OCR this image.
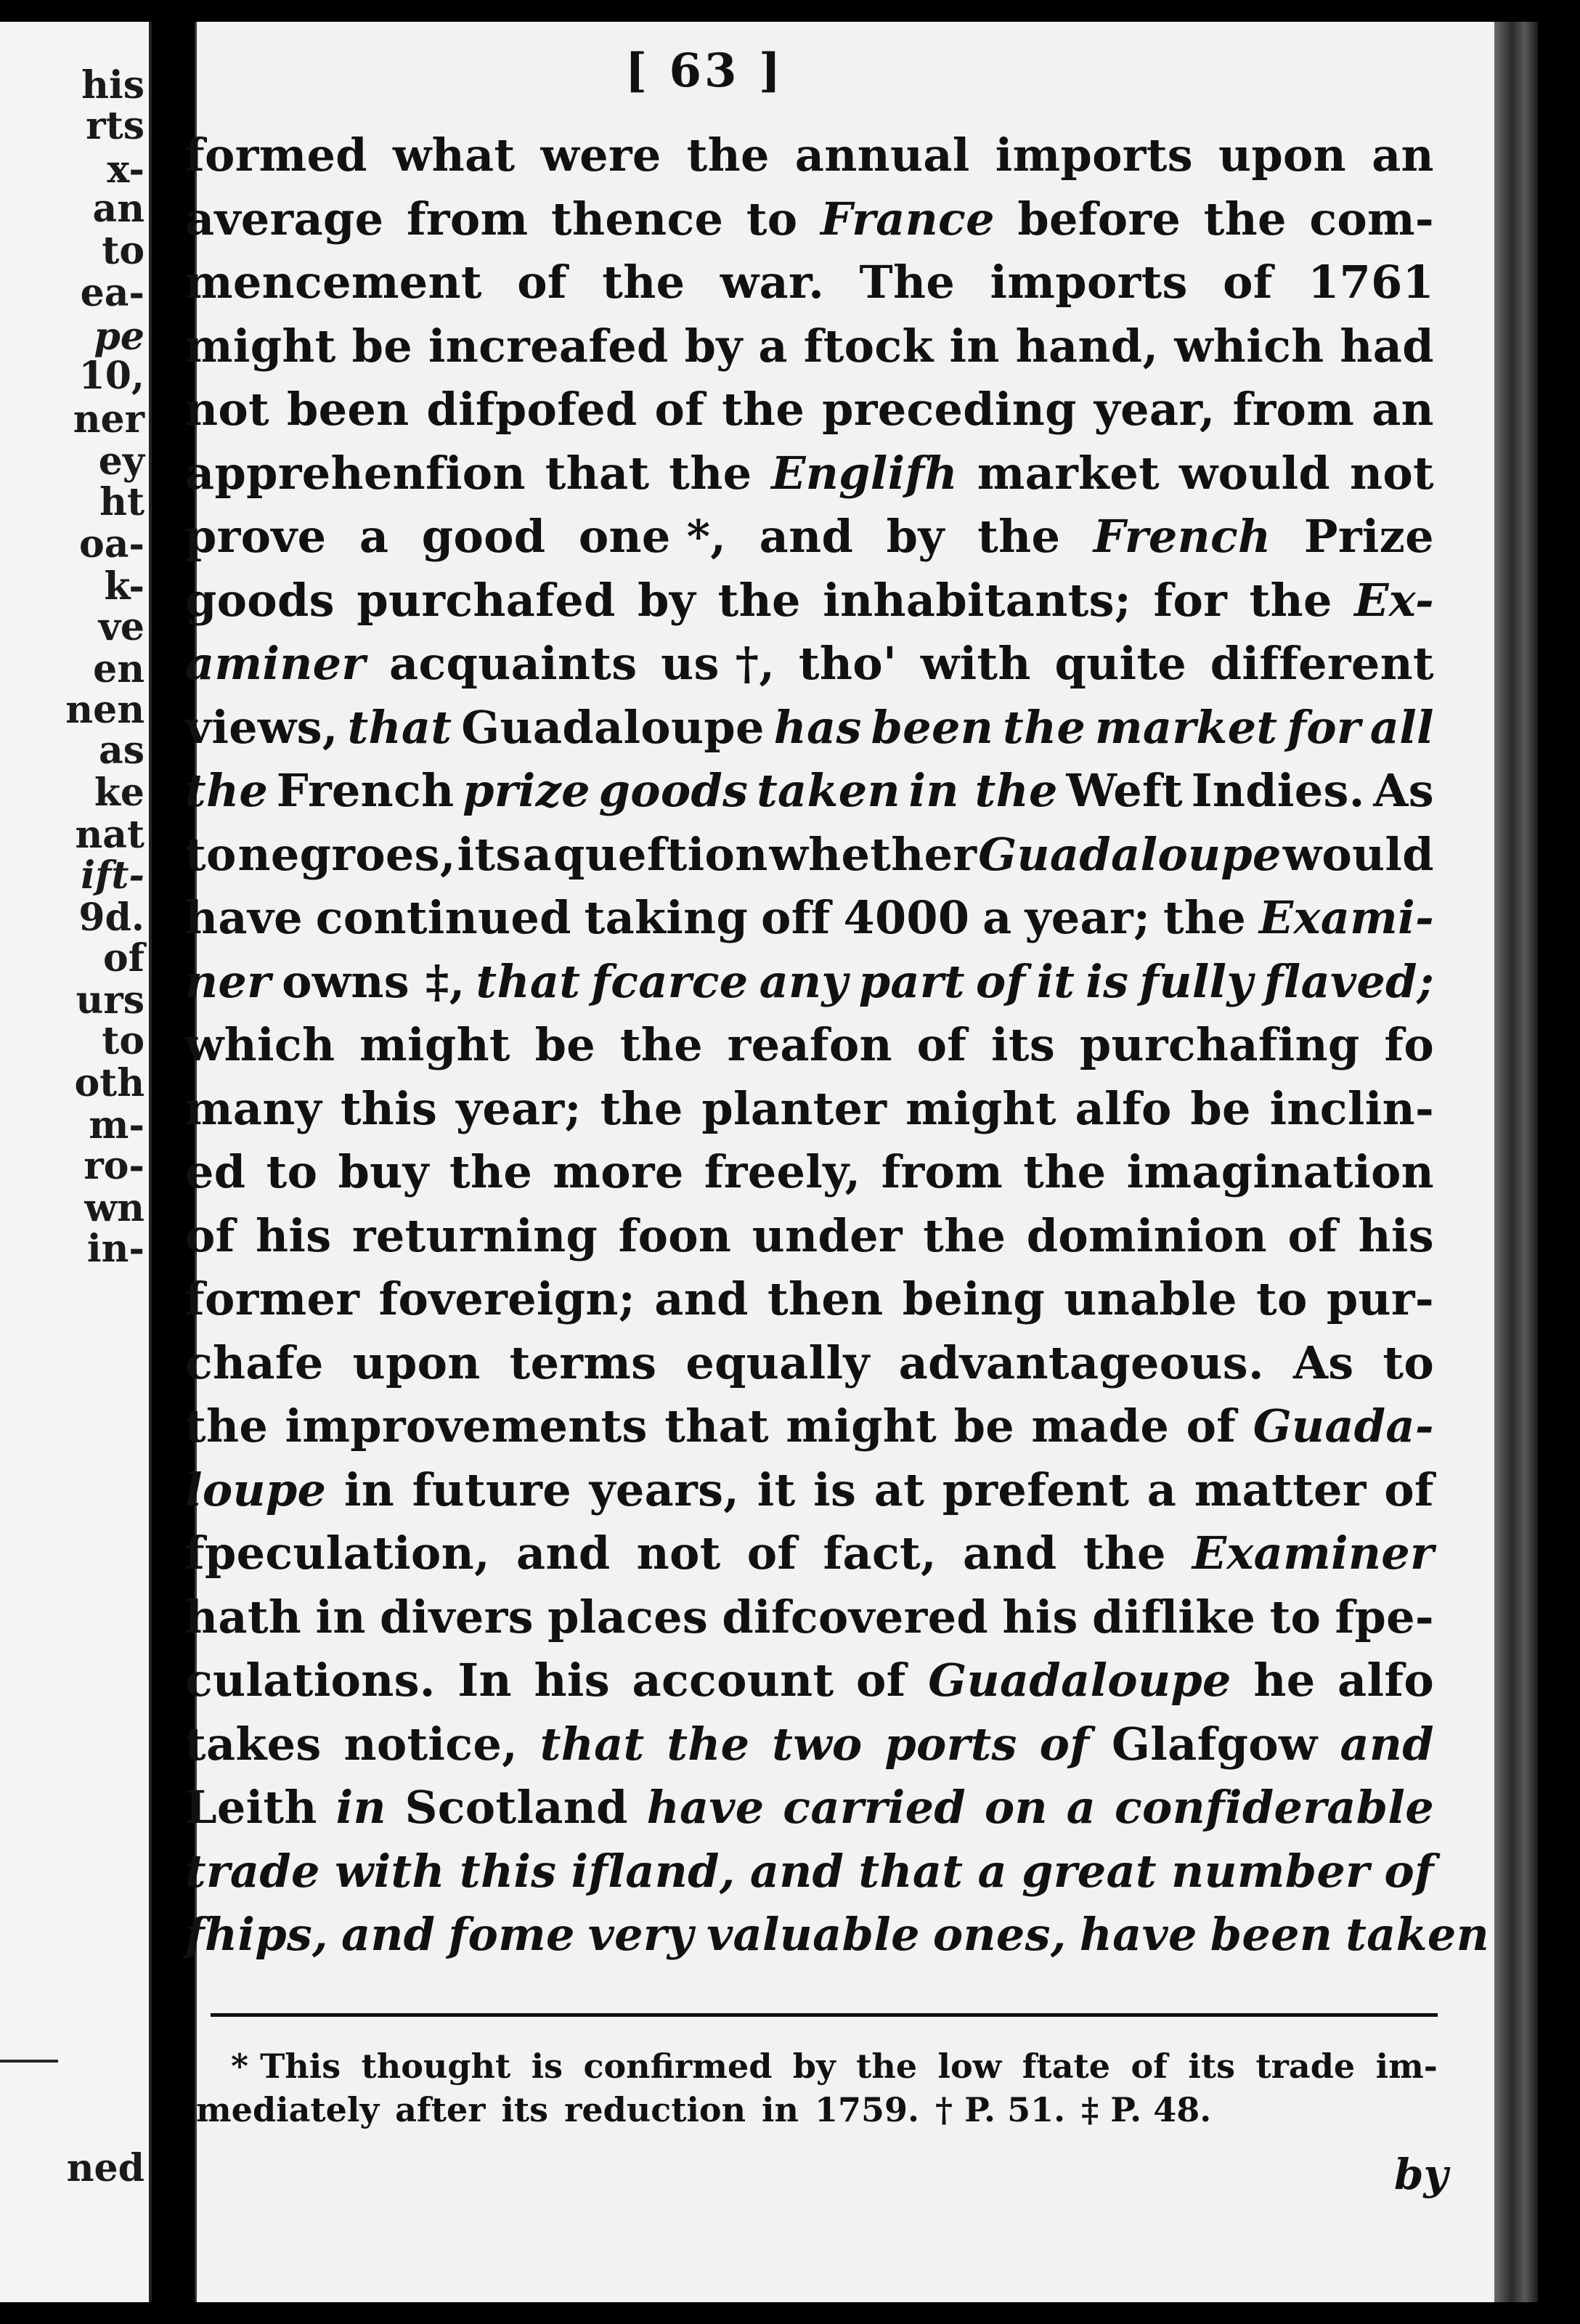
his
rts
x-
an
to
ea-
pe
10,
ner
ey
ht
oa-
k-
ve
en
nen
as
ke
nat
ift-
9d.
of
urs
to
oth
m-
ro-
wn
in-
ned
[ 63 ]
formed what were the annual imports upon an
average from thence to France before the com-
mencement of the war. The imports of 1761
might be increafed by a ftock in hand, which had
not been difpofed of the preceding year, from an
apprehenfion that the Englifh market would not
prove a good one *, and by the French Prize
goods purchafed by the inhabitants; for the Ex-
aminer acquaints us †, tho' with quite different
views, that Guadaloupe has been the market for all
the French prize goods taken in the Weft Indies. As
to negroes, its a queftion whether Guadaloupe would
have continued taking off 4000 a year; the Exami-
ner owns ‡, that fcarce any part of it is fully flaved;
which might be the reafon of its purchafing fo
many this year; the planter might alfo be inclin-
ed to buy the more freely, from the imagination
of his returning foon under the dominion of his
former fovereign; and then being unable to pur-
chafe upon terms equally advantageous. As to
the improvements that might be made of Guada-
loupe in future years, it is at prefent a matter of
fpeculation, and not of fact, and the Examiner
hath in divers places difcovered his diflike to fpe-
culations. In his account of Guadaloupe he alfo
takes notice, that the two ports of Glafgow and
Leith in Scotland have carried on a confiderable
trade with this ifland, and that a great number of
fhips, and fome very valuable ones, have been taken
* This thought is confirmed by the low ftate of its trade im-
mediately after its reduction in 1759. † P. 51. ‡ P. 48.
by
